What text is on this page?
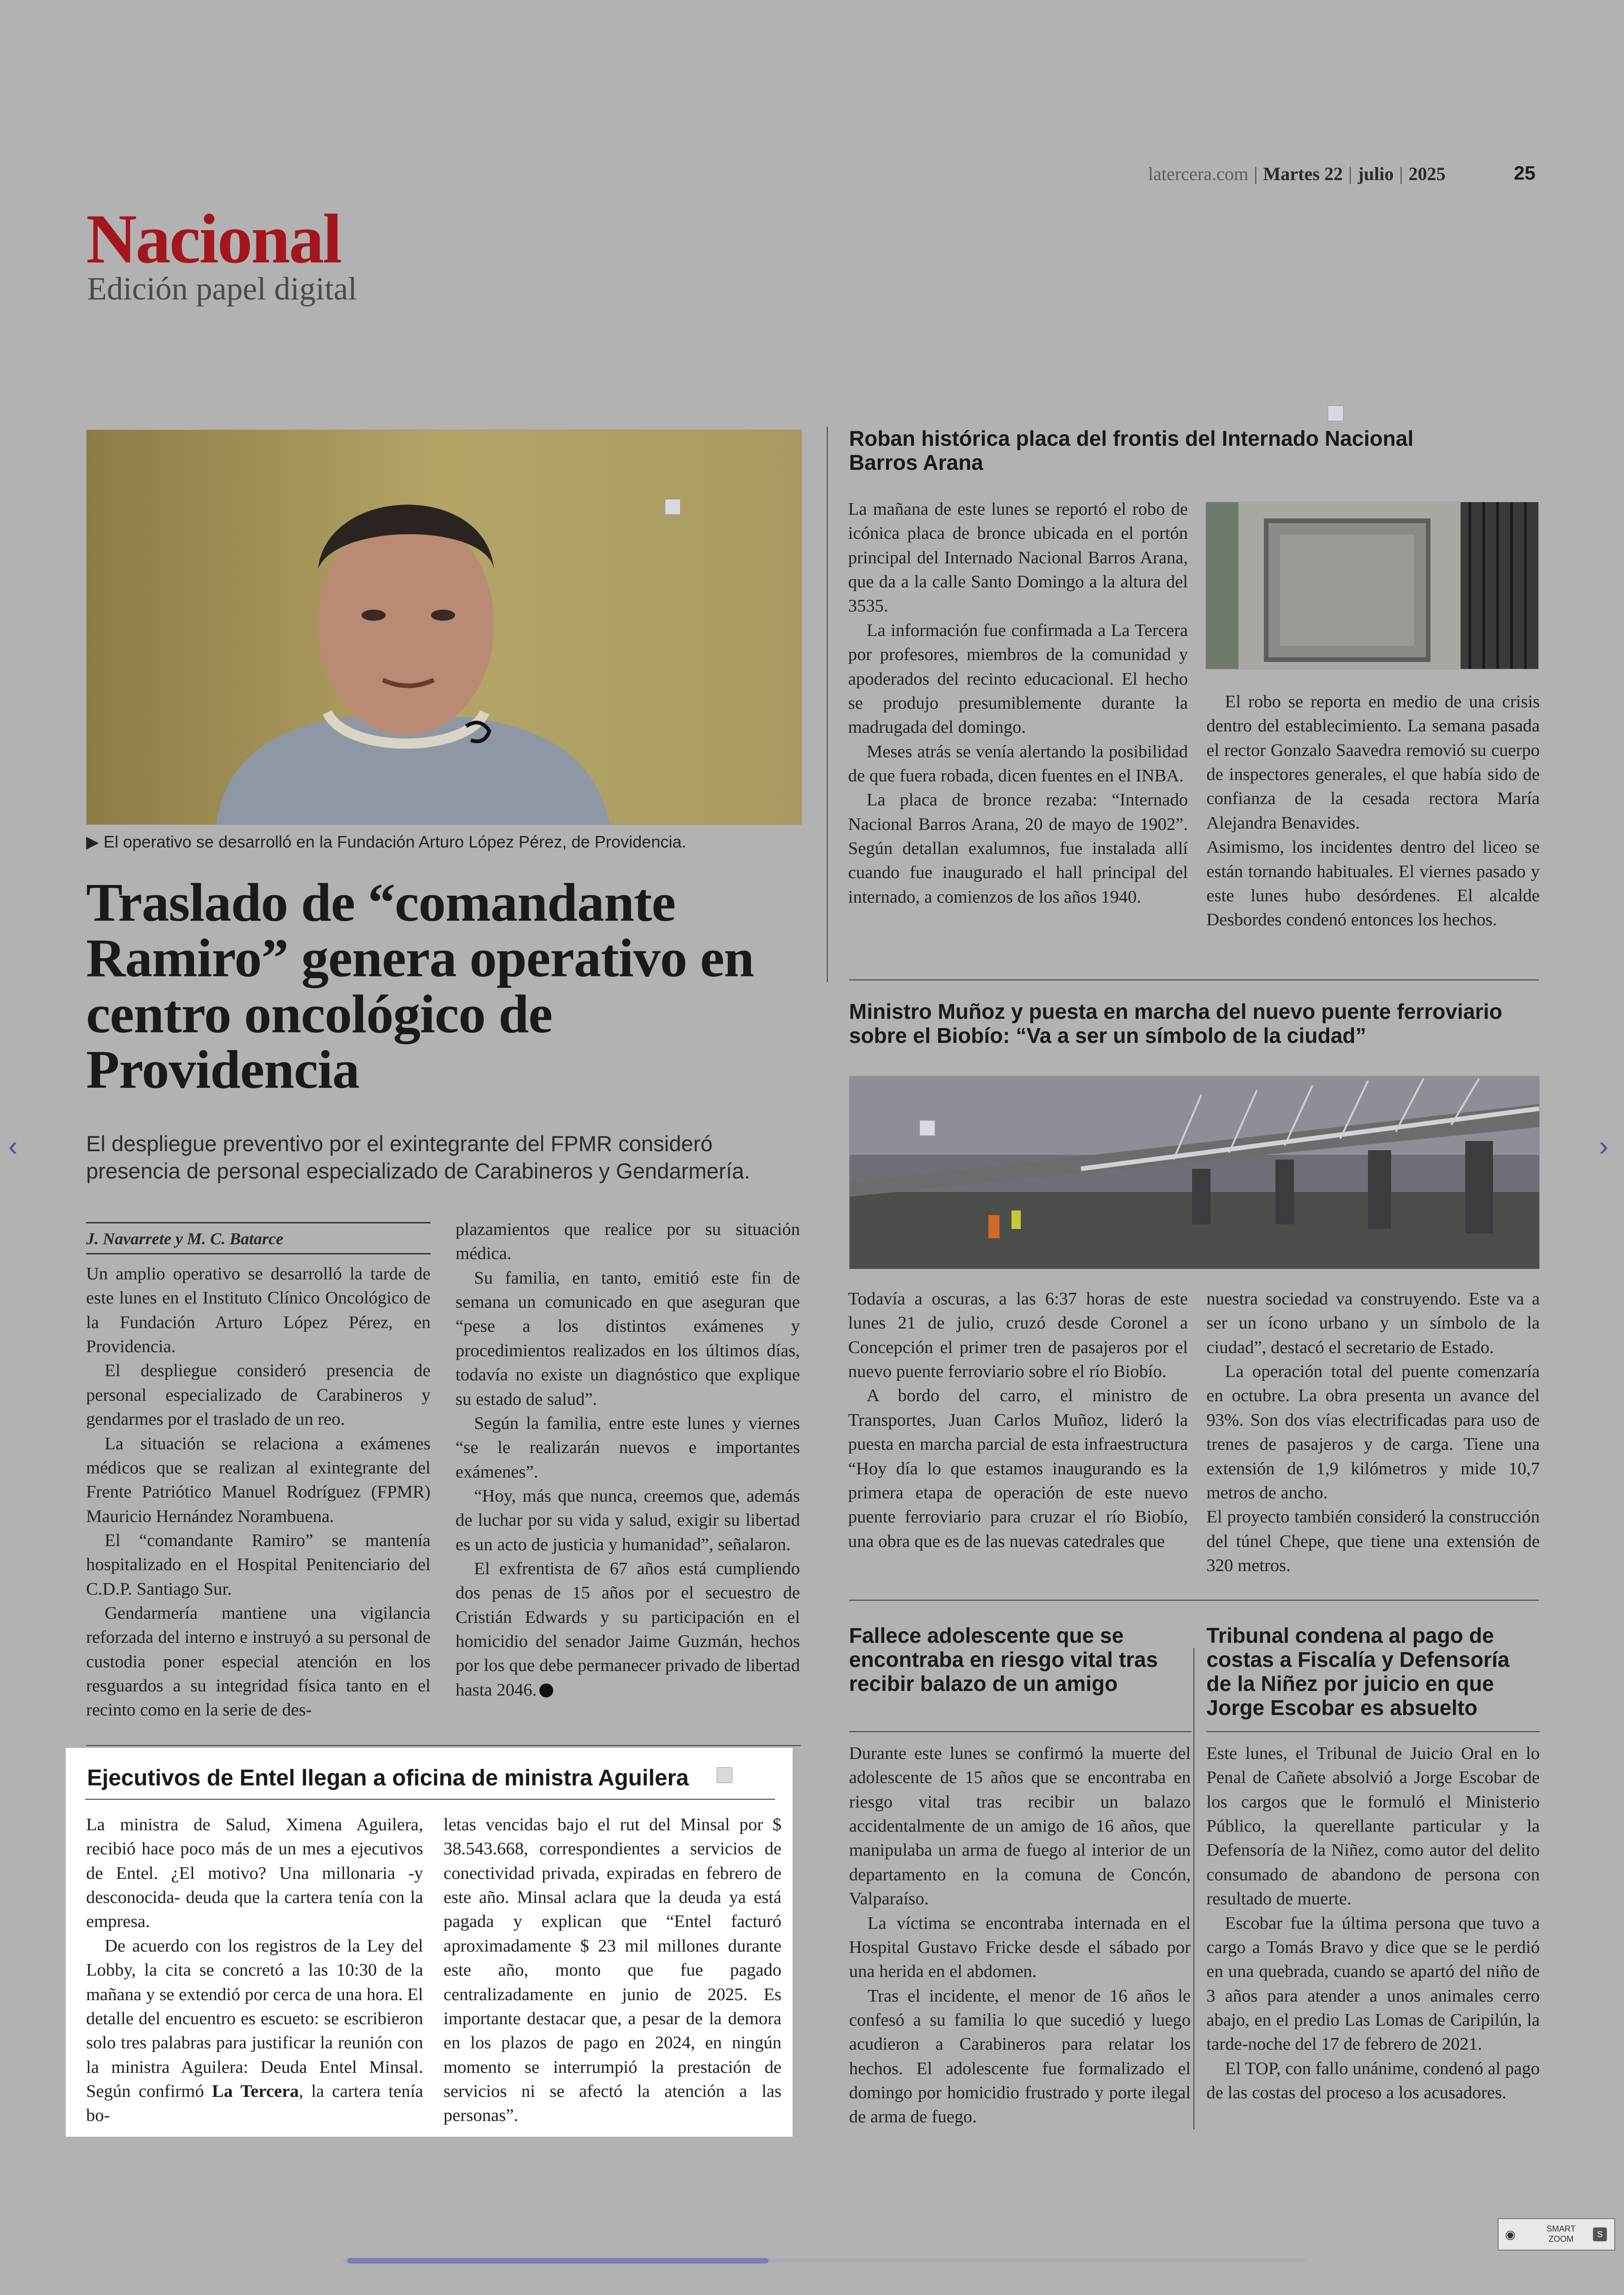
latercera.com | Martes 22 | julio | 2025	25
Nacional
Edición papel digital
▶ El operativo se desarrolló en la Fundación Arturo López Pérez, de Providencia.
Traslado de “comandante Ramiro” genera operativo en centro oncológico de Providencia
El despliegue preventivo por el exintegrante del FPMR consideró presencia de personal especializado de Carabineros y Gendarmería.
J. Navarrete y M. C. Batarce

Un amplio operativo se desarrolló la tarde de este lunes en el Instituto Clínico Oncológico de la Fundación Arturo López Pérez, en Providencia.

El despliegue consideró presencia de personal especializado de Carabineros y gendarmes por el traslado de un reo.

La situación se relaciona a exámenes médicos que se realizan al exintegrante del Frente Patriótico Manuel Rodríguez (FPMR) Mauricio Hernández Norambuena.

El “comandante Ramiro” se mantenía hospitalizado en el Hospital Penitenciario del C.D.P. Santiago Sur.

Gendarmería mantiene una vigilancia reforzada del interno e instruyó a su personal de custodia poner especial atención en los resguardos a su integridad física tanto en el recinto como en la serie de des-

plazamientos que realice por su situación médica.

Su familia, en tanto, emitió este fin de semana un comunicado en que aseguran que “pese a los distintos exámenes y procedimientos realizados en los últimos días, todavía no existe un diagnóstico que explique su estado de salud”.

Según la familia, entre este lunes y viernes “se le realizarán nuevos e importantes exámenes”.

“Hoy, más que nunca, creemos que, además de luchar por su vida y salud, exigir su libertad es un acto de justicia y humanidad”, señalaron.

El exfrentista de 67 años está cumpliendo dos penas de 15 años por el secuestro de Cristián Edwards y su participación en el homicidio del senador Jaime Guzmán, hechos por los que debe permanecer privado de libertad hasta 2046.

Ejecutivos de Entel llegan a oficina de ministra Aguilera

La ministra de Salud, Ximena Aguilera, recibió hace poco más de un mes a ejecutivos de Entel. ¿El motivo? Una millonaria -y desconocida- deuda que la cartera tenía con la empresa.

De acuerdo con los registros de la Ley del Lobby, la cita se concretó a las 10:30 de la mañana y se extendió por cerca de una hora. El detalle del encuentro es escueto: se escribieron solo tres palabras para justificar la reunión con la ministra Aguilera: Deuda Entel Minsal. Según confirmó La Tercera, la cartera tenía bo-

letas vencidas bajo el rut del Minsal por $ 38.543.668, correspondientes a servicios de conectividad privada, expiradas en febrero de este año. Minsal aclara que la deuda ya está pagada y explican que “Entel facturó aproximadamente $ 23 mil millones durante este año, monto que fue pagado centralizadamente en junio de 2025. Es importante destacar que, a pesar de la demora en los plazos de pago en 2024, en ningún momento se interrumpió la prestación de servicios ni se afectó la atención a las personas”.

Roban histórica placa del frontis del Internado Nacional Barros Arana

La mañana de este lunes se reportó el robo de icónica placa de bronce ubicada en el portón principal del Internado Nacional Barros Arana, que da a la calle Santo Domingo a la altura del 3535.

La información fue confirmada a La Tercera por profesores, miembros de la comunidad y apoderados del recinto educacional. El hecho se produjo presumiblemente durante la madrugada del domingo.

Meses atrás se venía alertando la posibilidad de que fuera robada, dicen fuentes en el INBA.

La placa de bronce rezaba: “Internado Nacional Barros Arana, 20 de mayo de 1902”. Según detallan exalumnos, fue instalada allí cuando fue inaugurado el hall principal del internado, a comienzos de los años 1940.

El robo se reporta en medio de una crisis dentro del establecimiento. La semana pasada el rector Gonzalo Saavedra removió su cuerpo de inspectores generales, el que había sido de confianza de la cesada rectora María Alejandra Benavides.

Asimismo, los incidentes dentro del liceo se están tornando habituales. El viernes pasado y este lunes hubo desórdenes. El alcalde Desbordes condenó entonces los hechos.

Ministro Muñoz y puesta en marcha del nuevo puente ferroviario sobre el Biobío: “Va a ser un símbolo de la ciudad”

Todavía a oscuras, a las 6:37 horas de este lunes 21 de julio, cruzó desde Coronel a Concepción el primer tren de pasajeros por el nuevo puente ferroviario sobre el río Biobío.

A bordo del carro, el ministro de Transportes, Juan Carlos Muñoz, lideró la puesta en marcha parcial de esta infraestructura “Hoy día lo que estamos inaugurando es la primera etapa de operación de este nuevo puente ferroviario para cruzar el río Biobío, una obra que es de las nuevas catedrales que

nuestra sociedad va construyendo. Este va a ser un ícono urbano y un símbolo de la ciudad”, destacó el secretario de Estado.

La operación total del puente comenzaría en octubre. La obra presenta un avance del 93%. Son dos vías electrificadas para uso de trenes de pasajeros y de carga. Tiene una extensión de 1,9 kilómetros y mide 10,7 metros de ancho.

El proyecto también consideró la construcción del túnel Chepe, que tiene una extensión de 320 metros.

Fallece adolescente que se encontraba en riesgo vital tras recibir balazo de un amigo

Durante este lunes se confirmó la muerte del adolescente de 15 años que se encontraba en riesgo vital tras recibir un balazo accidentalmente de un amigo de 16 años, que manipulaba un arma de fuego al interior de un departamento en la comuna de Concón, Valparaíso.

La víctima se encontraba internada en el Hospital Gustavo Fricke desde el sábado por una herida en el abdomen.

Tras el incidente, el menor de 16 años le confesó a su familia lo que sucedió y luego acudieron a Carabineros para relatar los hechos. El adolescente fue formalizado el domingo por homicidio frustrado y porte ilegal de arma de fuego.

Tribunal condena al pago de costas a Fiscalía y Defensoría de la Niñez por juicio en que Jorge Escobar es absuelto

Este lunes, el Tribunal de Juicio Oral en lo Penal de Cañete absolvió a Jorge Escobar de los cargos que le formuló el Ministerio Público, la querellante particular y la Defensoría de la Niñez, como autor del delito consumado de abandono de persona con resultado de muerte.

Escobar fue la última persona que tuvo a cargo a Tomás Bravo y dice que se le perdió en una quebrada, cuando se apartó del niño de 3 años para atender a unos animales cerro abajo, en el predio Las Lomas de Caripilún, la tarde-noche del 17 de febrero de 2021.

El TOP, con fallo unánime, condenó al pago de las costas del proceso a los acusadores.

‹	›
◉	SMART ZOOM	S
